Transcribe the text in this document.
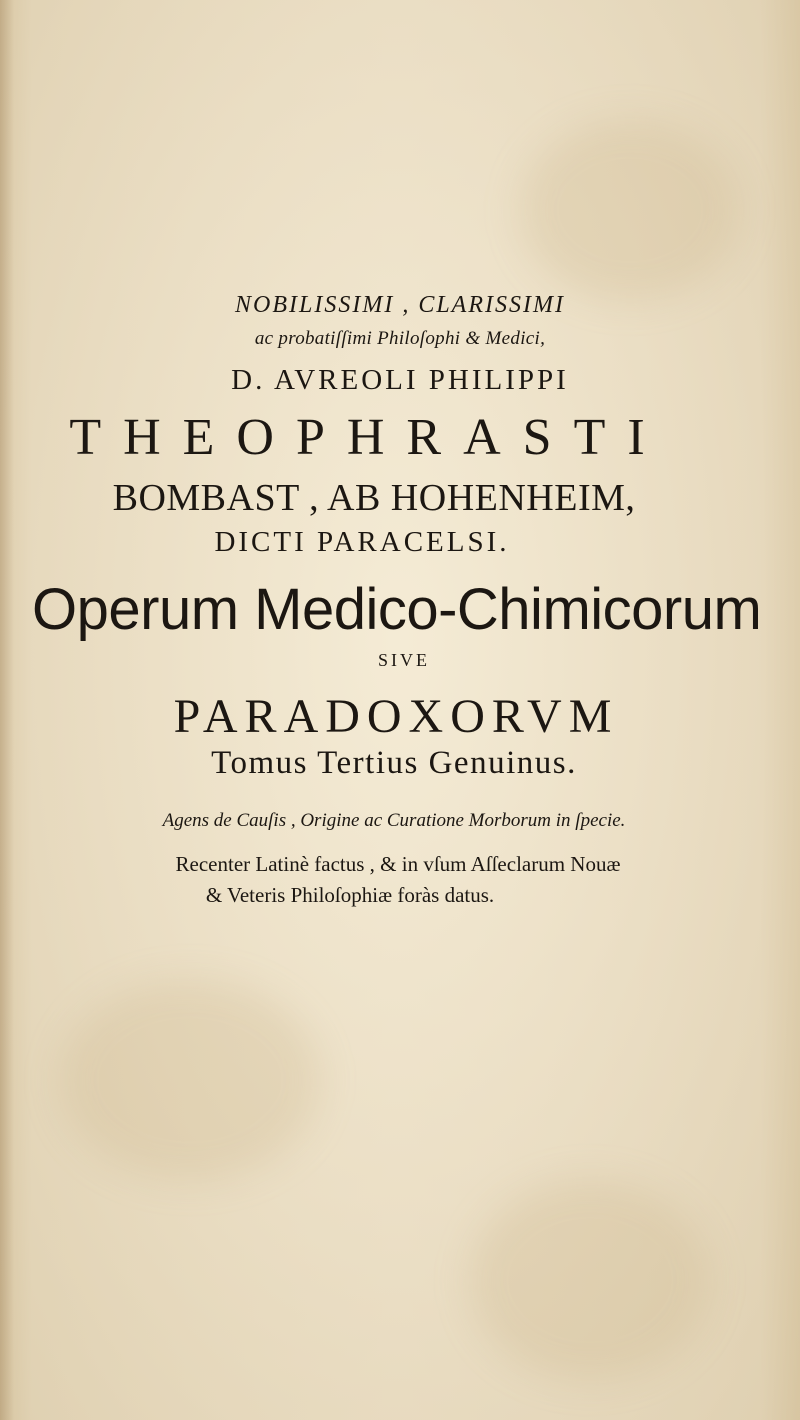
NOBILISSIMI , CLARISSIMI
ac probatiſſimi Philoſophi & Medici,
D. AVREOLI PHILIPPI
THEOPHRASTI
BOMBAST , AB HOHENHEIM,
DICTI PARACELSI.
Operum Medico-Chimicorum
SIVE
PARADOXORVM
Tomus Tertius Genuinus.
Agens de Cauſis , Origine ac Curatione Morborum in ſpecie.
Recenter Latinè factus , & in vſum Aſſeclarum Nouæ
& Veteris Philoſophiæ foràs datus.
